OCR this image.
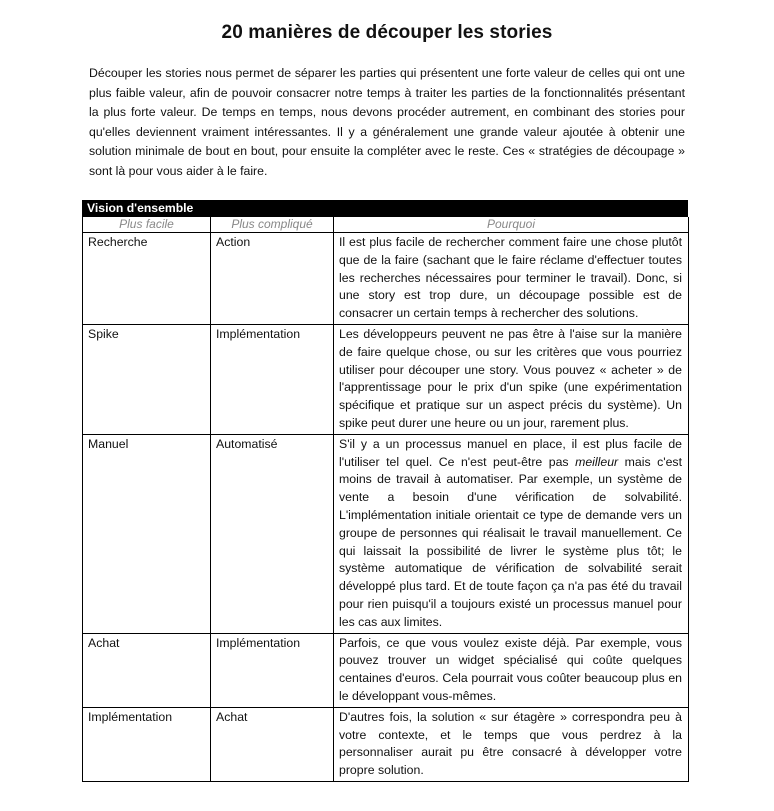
20 manières de découper les stories
Découper les stories nous permet de séparer les parties qui présentent une forte valeur de celles qui ont une plus faible valeur, afin de pouvoir consacrer notre temps à traiter les parties de la fonctionnalités présentant la plus forte valeur. De temps en temps, nous devons procéder autrement, en combinant des stories pour qu'elles deviennent vraiment intéressantes. Il y a généralement une grande valeur ajoutée à obtenir une solution minimale de bout en bout, pour ensuite la compléter avec le reste. Ces « stratégies de découpage » sont là pour vous aider à le faire.
Vision d'ensemble
Plus facile	Plus compliqué	Pourquoi
Recherche	Action	Il est plus facile de rechercher comment faire une chose plutôt que de la faire (sachant que le faire réclame d'effectuer toutes les recherches nécessaires pour terminer le travail). Donc, si une story est trop dure, un découpage possible est de consacrer un certain temps à rechercher des solutions.
Spike	Implémentation	Les développeurs peuvent ne pas être à l'aise sur la manière de faire quelque chose, ou sur les critères que vous pourriez utiliser pour découper une story. Vous pouvez « acheter » de l'apprentissage pour le prix d'un spike (une expérimentation spécifique et pratique sur un aspect précis du système). Un spike peut durer une heure ou un jour, rarement plus.
Manuel	Automatisé	S'il y a un processus manuel en place, il est plus facile de l'utiliser tel quel. Ce n'est peut-être pas meilleur mais c'est moins de travail à automatiser. Par exemple, un système de vente a besoin d'une vérification de solvabilité. L'implémentation initiale orientait ce type de demande vers un groupe de personnes qui réalisait le travail manuellement. Ce qui laissait la possibilité de livrer le système plus tôt; le système automatique de vérification de solvabilité serait développé plus tard. Et de toute façon ça n'a pas été du travail pour rien puisqu'il a toujours existé un processus manuel pour les cas aux limites.
Achat	Implémentation	Parfois, ce que vous voulez existe déjà. Par exemple, vous pouvez trouver un widget spécialisé qui coûte quelques centaines d'euros. Cela pourrait vous coûter beaucoup plus en le développant vous-mêmes.
Implémentation	Achat	D'autres fois, la solution « sur étagère » correspondra peu à votre contexte, et le temps que vous perdrez à la personnaliser aurait pu être consacré à développer votre propre solution.
